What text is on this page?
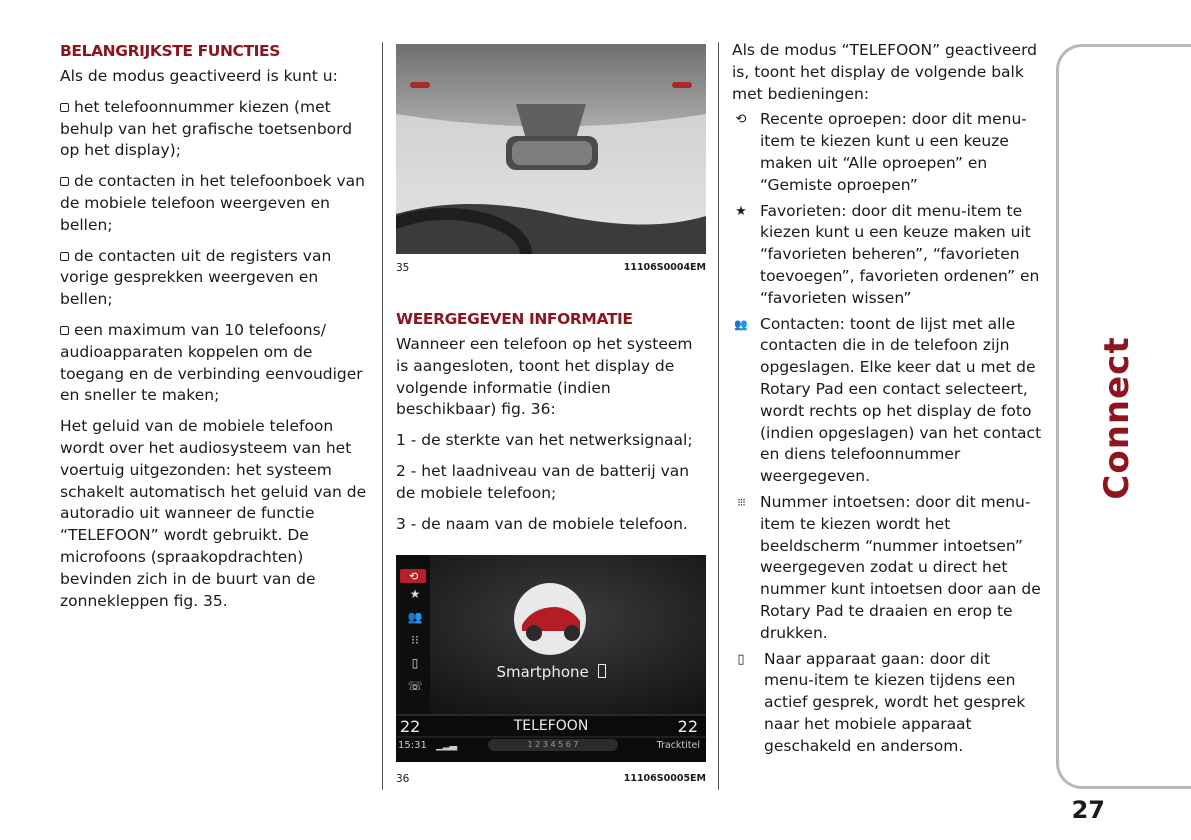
BELANGRIJKSTE FUNCTIES

Als de modus geactiveerd is kunt u:

het telefoonnummer kiezen (met behulp van het grafische toetsenbord op het display);

de contacten in het telefoonboek van de mobiele telefoon weergeven en bellen;

de contacten uit de registers van vorige gesprekken weergeven en bellen;

een maximum van 10 telefoons/ audioapparaten koppelen om de toegang en de verbinding eenvoudiger en sneller te maken;

Het geluid van de mobiele telefoon wordt over het audiosysteem van het voertuig uitgezonden: het systeem schakelt automatisch het geluid van de autoradio uit wanneer de functie “TELEFOON” wordt gebruikt. De microfoons (spraakopdrachten) bevinden zich in de buurt van de zonnekleppen fig. 35.

35	11106S0004EM
WEERGEGEVEN INFORMATIE

Wanneer een telefoon op het systeem is aangesloten, toont het display de volgende informatie (indien beschikbaar) fig. 36:

1 - de sterkte van het netwerksignaal;

2 - het laadniveau van de batterij van de mobiele telefoon;

3 - de naam van de mobiele telefoon.

★
👥
⁝⁝
▯
☏
⟲
Smartphone
22	TELEFOON	22
15:31 ▁▂▃	1 2 3 4 5 6 7	Tracktitel
36	11106S0005EM

Als de modus “TELEFOON” geactiveerd is, toont het display de volgende balk met bedieningen:

⟲ Recente oproepen: door dit menu-item te kiezen kunt u een keuze maken uit “Alle oproepen” en “Gemiste oproepen”
★ Favorieten: door dit menu-item te kiezen kunt u een keuze maken uit “favorieten beheren”, “favorieten toevoegen”, favorieten ordenen” en “favorieten wissen”
👥 Contacten: toont de lijst met alle contacten die in de telefoon zijn opgeslagen. Elke keer dat u met de Rotary Pad een contact selecteert, wordt rechts op het display de foto (indien opgeslagen) van het contact en diens telefoonnummer weergegeven.
⁝⁝⁝ Nummer intoetsen: door dit menu-item te kiezen wordt het beeldscherm “nummer intoetsen” weergegeven zodat u direct het nummer kunt intoetsen door aan de Rotary Pad te draaien en erop te drukken.
▯	Naar apparaat gaan: door dit menu-item te kiezen tijdens een actief gesprek, wordt het gesprek naar het mobiele apparaat geschakeld en andersom.
Connect
27
